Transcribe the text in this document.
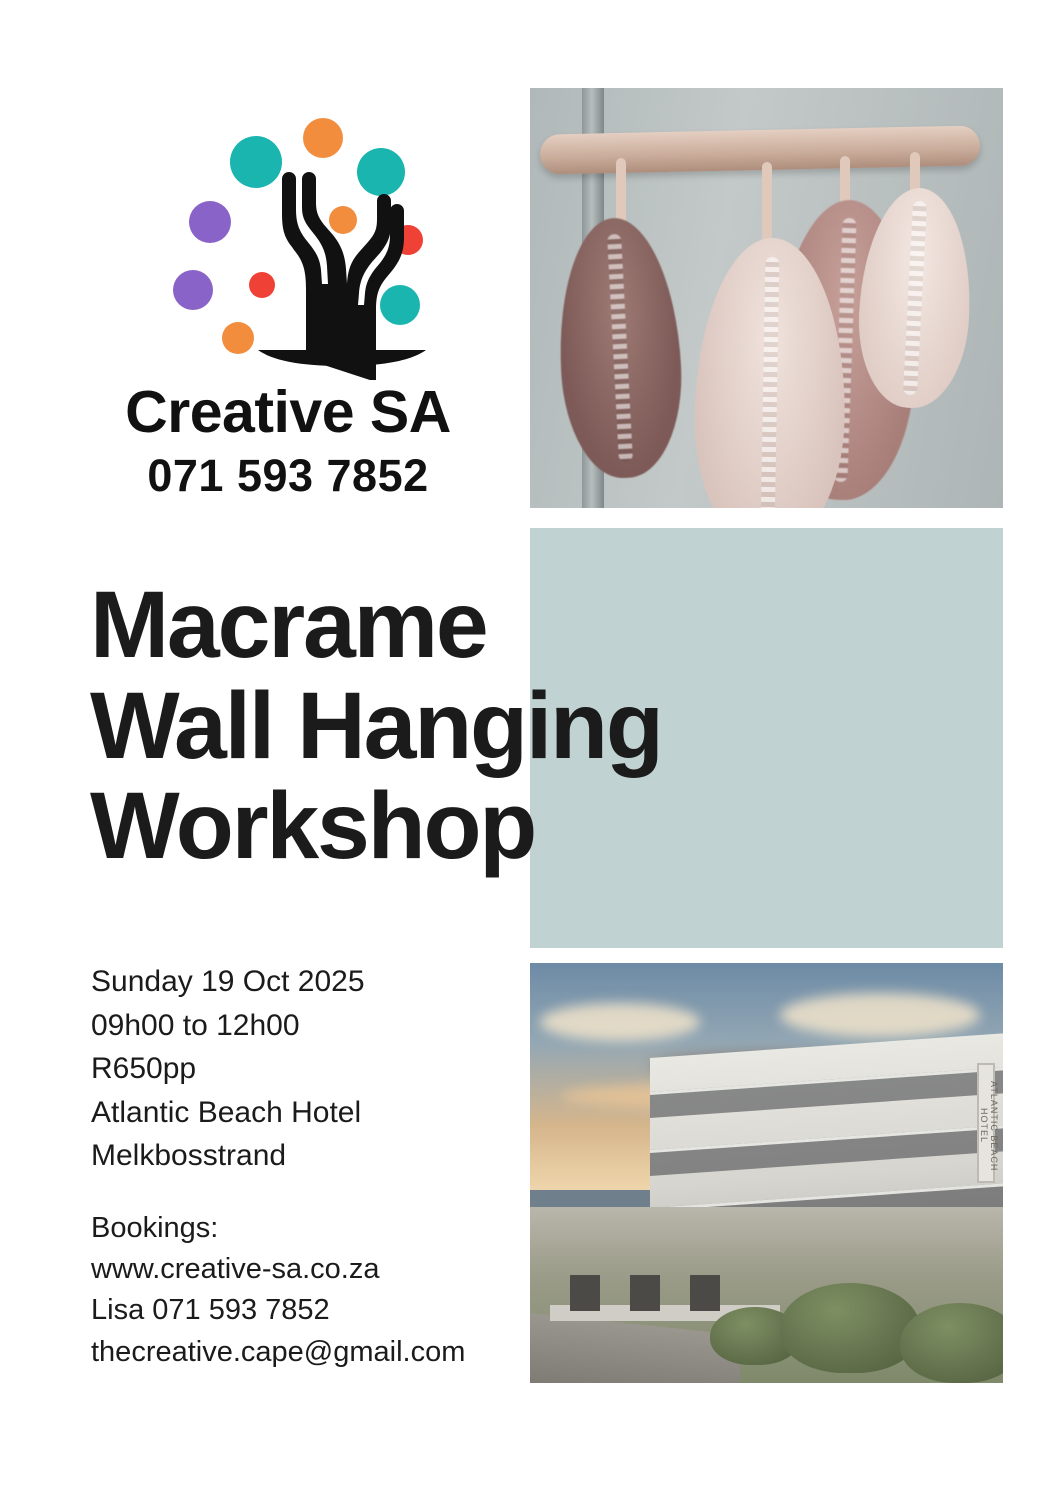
Creative SA
071 593 7852
Macrame
Wall Hanging
Workshop
Sunday 19 Oct 2025
09h00 to 12h00
R650pp
Atlantic Beach Hotel
Melkbosstrand
Bookings:
www.creative-sa.co.za
Lisa 071 593 7852
thecreative.cape@gmail.com
ATLANTIC BEACH HOTEL
